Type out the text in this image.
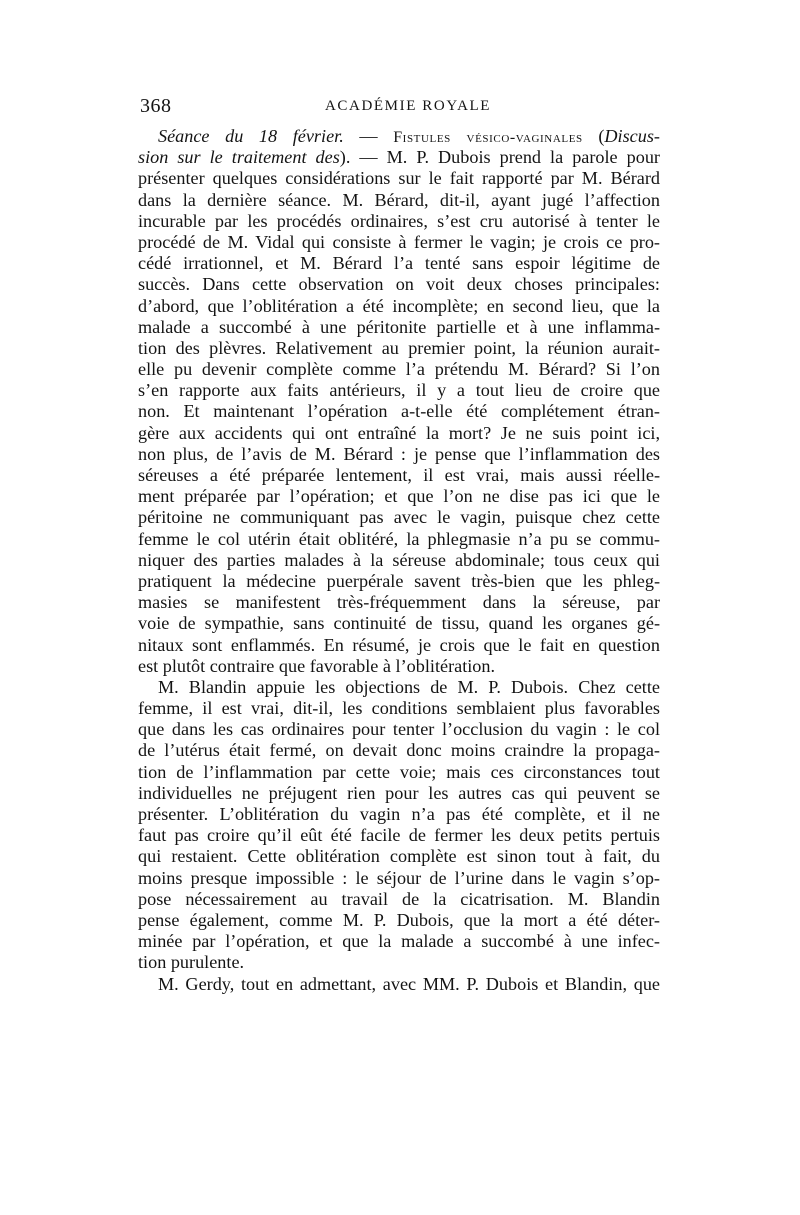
368	ACADÉMIE ROYALE
Séance du 18 février. — Fistules vésico-vaginales (Discus-
sion sur le traitement des). — M. P. Dubois prend la parole pour
présenter quelques considérations sur le fait rapporté par M. Bérard
dans la dernière séance. M. Bérard, dit-il, ayant jugé l’affection
incurable par les procédés ordinaires, s’est cru autorisé à tenter le
procédé de M. Vidal qui consiste à fermer le vagin; je crois ce pro-
cédé irrationnel, et M. Bérard l’a tenté sans espoir légitime de
succès. Dans cette observation on voit deux choses principales:
d’abord, que l’oblitération a été incomplète; en second lieu, que la
malade a succombé à une péritonite partielle et à une inflamma-
tion des plèvres. Relativement au premier point, la réunion aurait-
elle pu devenir complète comme l’a prétendu M. Bérard? Si l’on
s’en rapporte aux faits antérieurs, il y a tout lieu de croire que
non. Et maintenant l’opération a-t-elle été complétement étran-
gère aux accidents qui ont entraîné la mort? Je ne suis point ici,
non plus, de l’avis de M. Bérard : je pense que l’inflammation des
séreuses a été préparée lentement, il est vrai, mais aussi réelle-
ment préparée par l’opération; et que l’on ne dise pas ici que le
péritoine ne communiquant pas avec le vagin, puisque chez cette
femme le col utérin était oblitéré, la phlegmasie n’a pu se commu-
niquer des parties malades à la séreuse abdominale; tous ceux qui
pratiquent la médecine puerpérale savent très-bien que les phleg-
masies se manifestent très-fréquemment dans la séreuse, par
voie de sympathie, sans continuité de tissu, quand les organes gé-
nitaux sont enflammés. En résumé, je crois que le fait en question
est plutôt contraire que favorable à l’oblitération.
M. Blandin appuie les objections de M. P. Dubois. Chez cette
femme, il est vrai, dit-il, les conditions semblaient plus favorables
que dans les cas ordinaires pour tenter l’occlusion du vagin : le col
de l’utérus était fermé, on devait donc moins craindre la propaga-
tion de l’inflammation par cette voie; mais ces circonstances tout
individuelles ne préjugent rien pour les autres cas qui peuvent se
présenter. L’oblitération du vagin n’a pas été complète, et il ne
faut pas croire qu’il eût été facile de fermer les deux petits pertuis
qui restaient. Cette oblitération complète est sinon tout à fait, du
moins presque impossible : le séjour de l’urine dans le vagin s’op-
pose nécessairement au travail de la cicatrisation. M. Blandin
pense également, comme M. P. Dubois, que la mort a été déter-
minée par l’opération, et que la malade a succombé à une infec-
tion purulente.
M. Gerdy, tout en admettant, avec MM. P. Dubois et Blandin, que
